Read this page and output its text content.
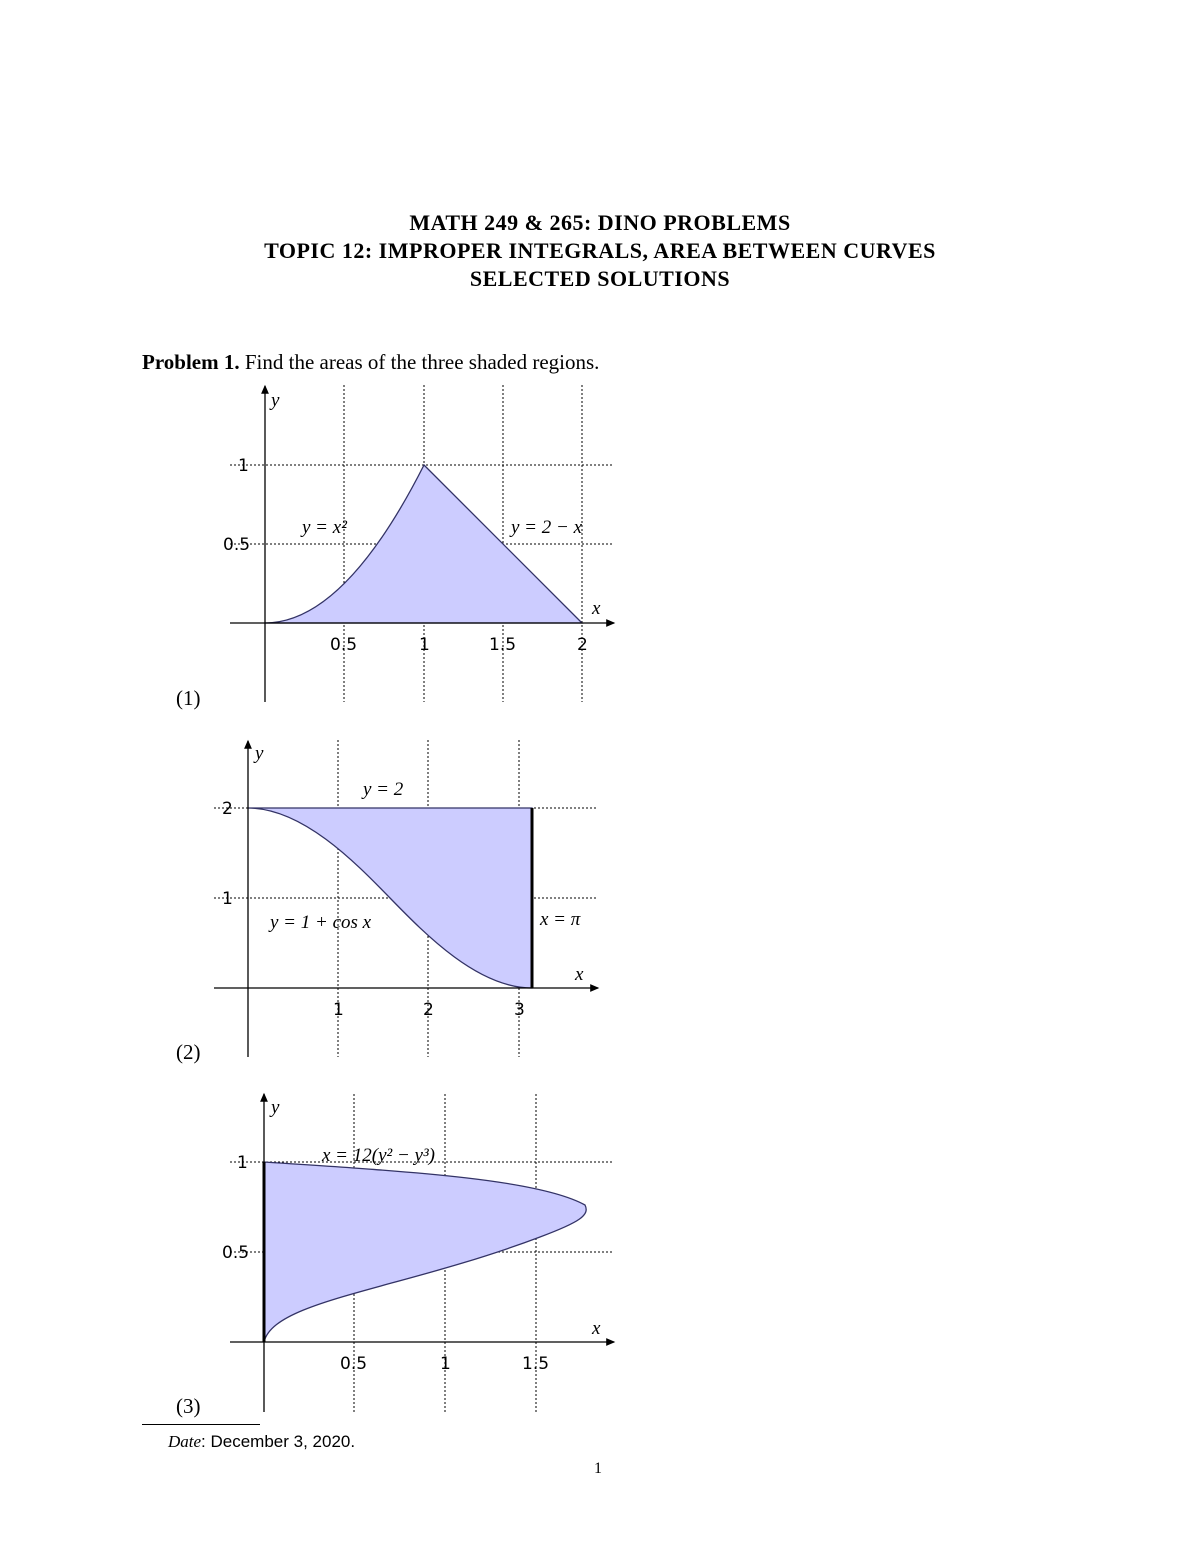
MATH 249 & 265: DINO PROBLEMS
TOPIC 12: IMPROPER INTEGRALS, AREA BETWEEN CURVES
SELECTED SOLUTIONS
Problem 1. Find the areas of the three shaded regions.
y
x
0.5	1	1.5	2
0.5
1
y = x²	y = 2 − x
y
x
1	2	3
1
2
y = 2
y = 1 + cos x	x = π
y
x
0.5	1	1.5
0.5
1	x = 12(y² − y³)
(1)
(2)
(3)
Date: December 3, 2020.
1
